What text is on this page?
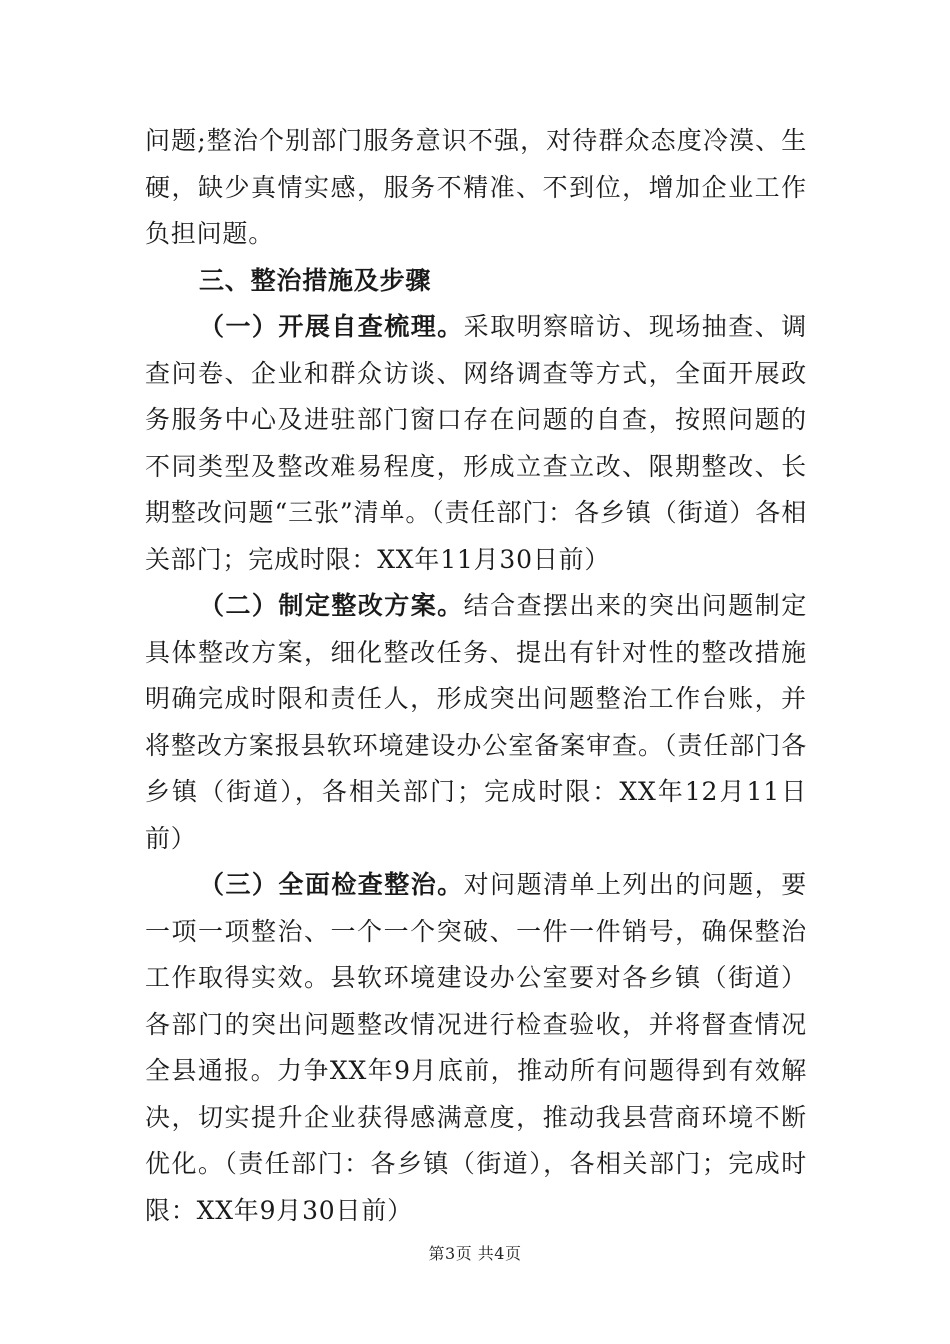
问题;整治个别部门服务意识不强，对待群众态度冷漠、生硬，缺少真情实感，服务不精准、不到位，增加企业工作负担问题。

三、整治措施及步骤

（一）开展自查梳理。采取明察暗访、现场抽查、调查问卷、企业和群众访谈、网络调查等方式，全面开展政务服务中心及进驻部门窗口存在问题的自查，按照问题的不同类型及整改难易程度，形成立查立改、限期整改、长期整改问题“三张”清单。（责任部门：各乡镇（街道）各相关部门；完成时限：XX年11月30日前）

（二）制定整改方案。结合查摆出来的突出问题制定具体整改方案，细化整改任务、提出有针对性的整改措施明确完成时限和责任人，形成突出问题整治工作台账，并将整改方案报县软环境建设办公室备案审查。（责任部门各乡镇（街道），各相关部门；完成时限：XX年12月11日前）

（三）全面检查整治。对问题清单上列出的问题，要一项一项整治、一个一个突破、一件一件销号，确保整治工作取得实效。县软环境建设办公室要对各乡镇（街道）各部门的突出问题整改情况进行检查验收，并将督查情况全县通报。力争XX年9月底前，推动所有问题得到有效解决，切实提升企业获得感满意度，推动我县营商环境不断优化。（责任部门：各乡镇（街道），各相关部门；完成时限：XX年9月30日前）

第3页 共4页
